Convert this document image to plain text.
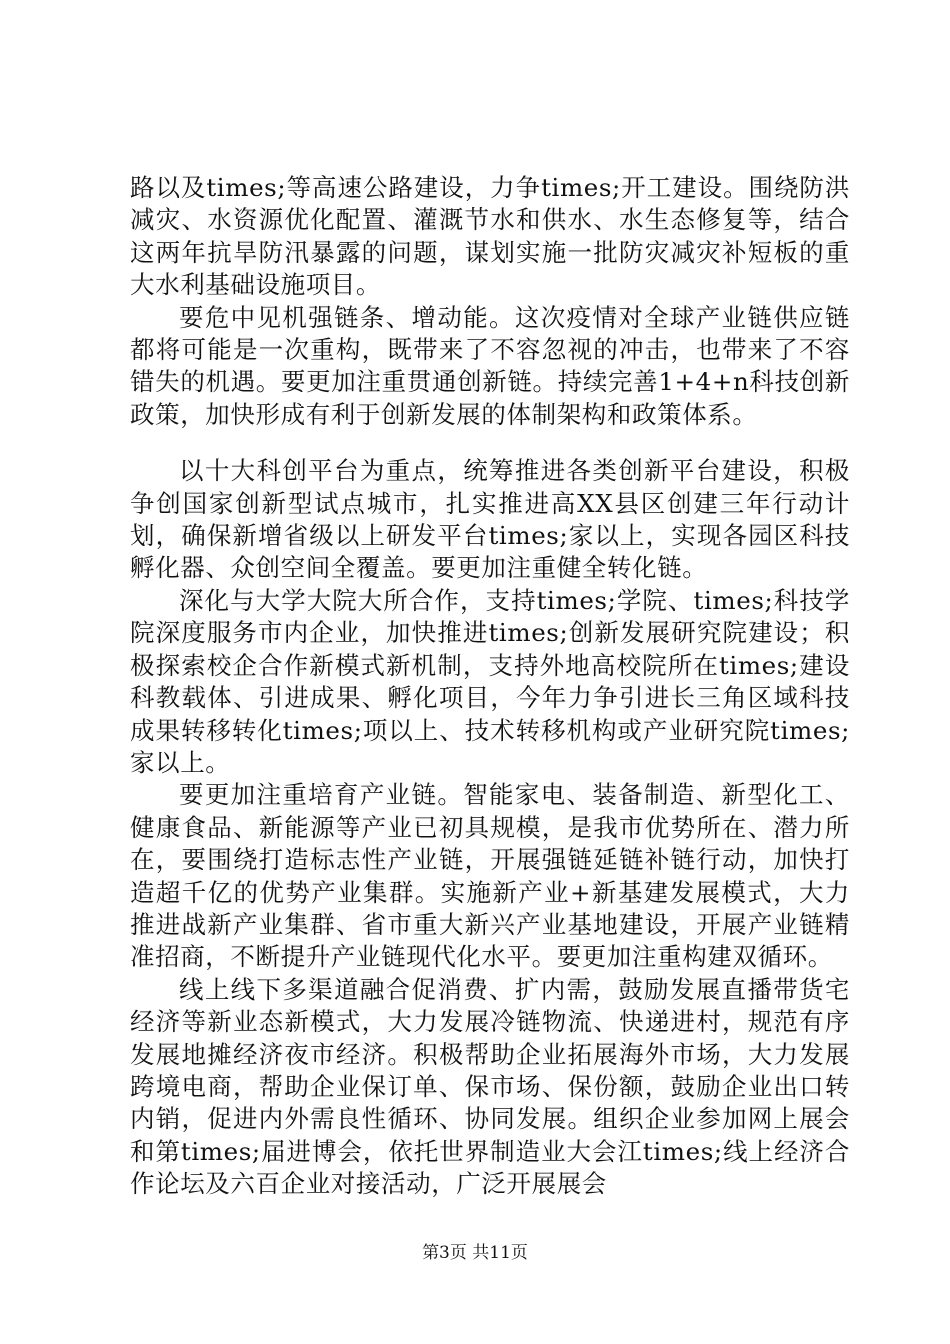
路以及times;等高速公路建设，力争times;开工建设。围绕防洪减灾、水资源优化配置、灌溉节水和供水、水生态修复等，结合这两年抗旱防汛暴露的问题，谋划实施一批防灾减灾补短板的重大水利基础设施项目。

要危中见机强链条、增动能。这次疫情对全球产业链供应链都将可能是一次重构，既带来了不容忽视的冲击，也带来了不容错失的机遇。要更加注重贯通创新链。持续完善1+4+n科技创新政策，加快形成有利于创新发展的体制架构和政策体系。

以十大科创平台为重点，统筹推进各类创新平台建设，积极争创国家创新型试点城市，扎实推进高XX县区创建三年行动计划，确保新增省级以上研发平台times;家以上，实现各园区科技孵化器、众创空间全覆盖。要更加注重健全转化链。

深化与大学大院大所合作，支持times;学院、times;科技学院深度服务市内企业，加快推进times;创新发展研究院建设；积极探索校企合作新模式新机制，支持外地高校院所在times;建设科教载体、引进成果、孵化项目，今年力争引进长三角区域科技成果转移转化times;项以上、技术转移机构或产业研究院times;家以上。

要更加注重培育产业链。智能家电、装备制造、新型化工、健康食品、新能源等产业已初具规模，是我市优势所在、潜力所在，要围绕打造标志性产业链，开展强链延链补链行动，加快打造超千亿的优势产业集群。实施新产业+新基建发展模式，大力推进战新产业集群、省市重大新兴产业基地建设，开展产业链精准招商，不断提升产业链现代化水平。要更加注重构建双循环。

线上线下多渠道融合促消费、扩内需，鼓励发展直播带货宅经济等新业态新模式，大力发展冷链物流、快递进村，规范有序发展地摊经济夜市经济。积极帮助企业拓展海外市场，大力发展跨境电商，帮助企业保订单、保市场、保份额，鼓励企业出口转内销，促进内外需良性循环、协同发展。组织企业参加网上展会和第times;届进博会，依托世界制造业大会江times;线上经济合作论坛及六百企业对接活动，广泛开展展会

第3页 共11页
